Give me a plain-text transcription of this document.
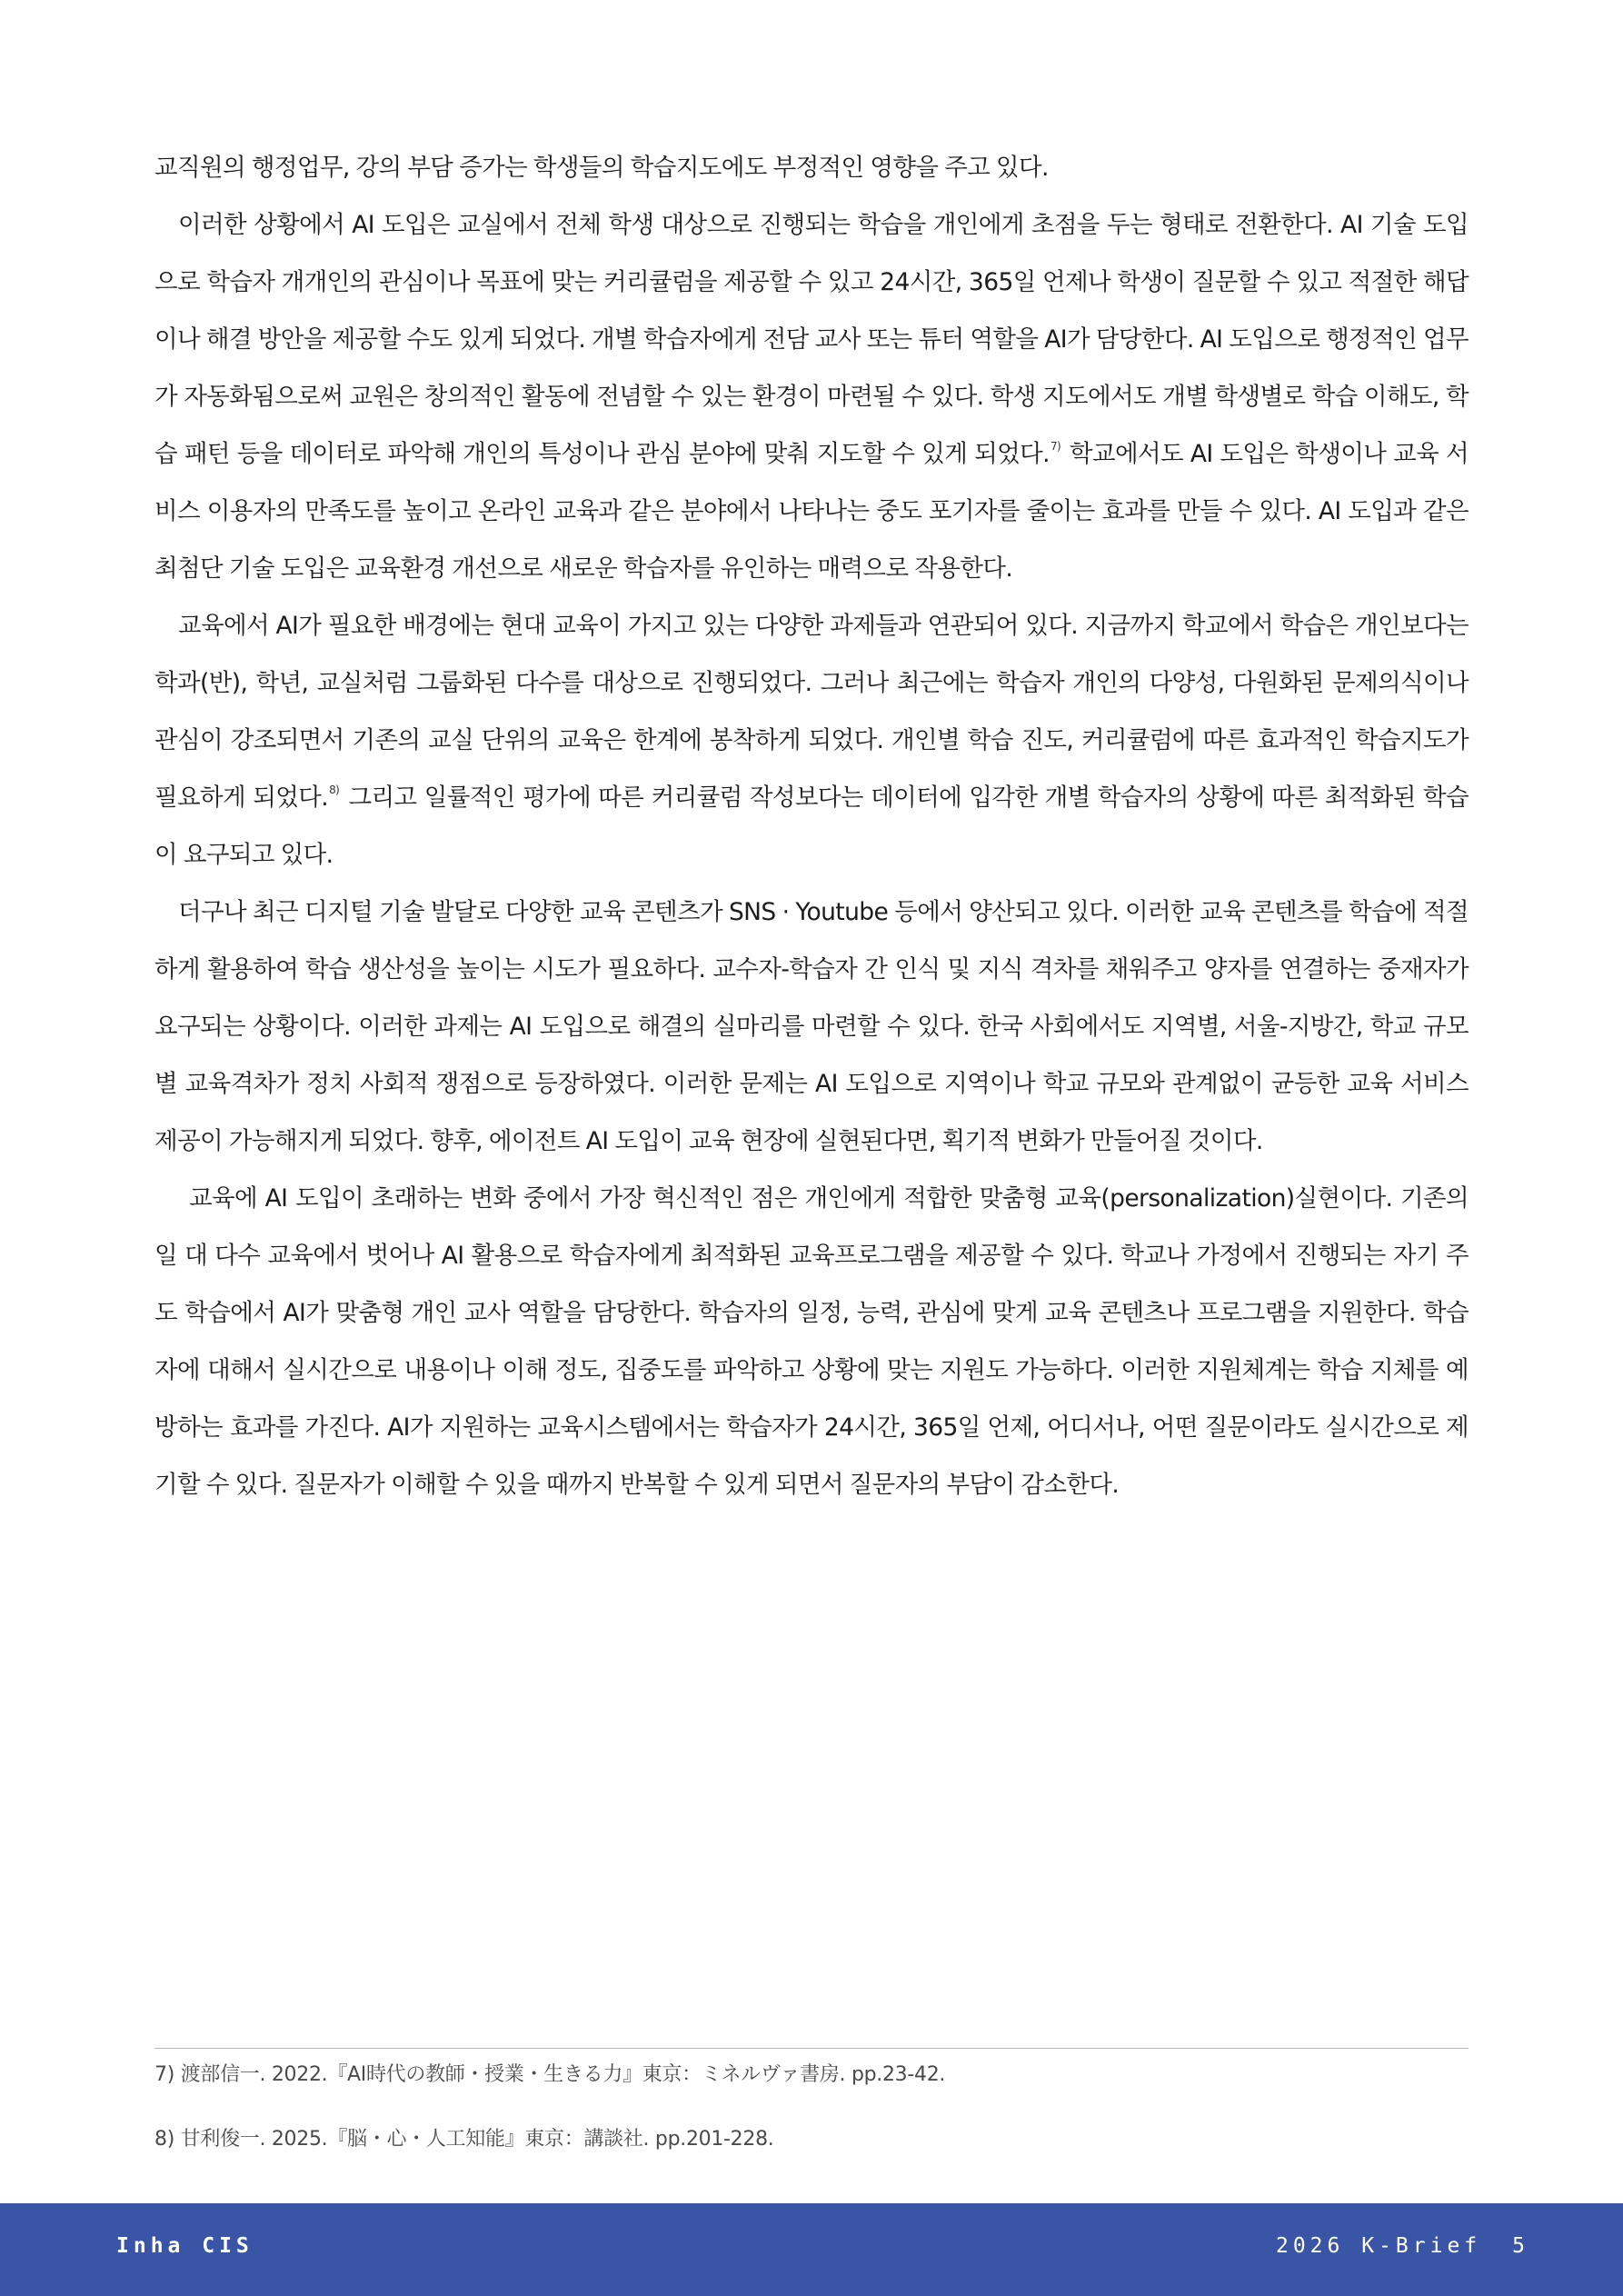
교직원의 행정업무, 강의 부담 증가는 학생들의 학습지도에도 부정적인 영향을 주고 있다.

이러한 상황에서 AI 도입은 교실에서 전체 학생 대상으로 진행되는 학습을 개인에게 초점을 두는 형태로 전환한다. AI 기술 도입으로 학습자 개개인의 관심이나 목표에 맞는 커리큘럼을 제공할 수 있고 24시간, 365일 언제나 학생이 질문할 수 있고 적절한 해답이나 해결 방안을 제공할 수도 있게 되었다. 개별 학습자에게 전담 교사 또는 튜터 역할을 AI가 담당한다. AI 도입으로 행정적인 업무가 자동화됨으로써 교원은 창의적인 활동에 전념할 수 있는 환경이 마련될 수 있다. 학생 지도에서도 개별 학생별로 학습 이해도, 학습 패턴 등을 데이터로 파악해 개인의 특성이나 관심 분야에 맞춰 지도할 수 있게 되었다.$^{7)}$ 학교에서도 AI 도입은 학생이나 교육 서비스 이용자의 만족도를 높이고 온라인 교육과 같은 분야에서 나타나는 중도 포기자를 줄이는 효과를 만들 수 있다. AI 도입과 같은 최첨단 기술 도입은 교육환경 개선으로 새로운 학습자를 유인하는 매력으로 작용한다.

교육에서 AI가 필요한 배경에는 현대 교육이 가지고 있는 다양한 과제들과 연관되어 있다. 지금까지 학교에서 학습은 개인보다는 학과(반), 학년, 교실처럼 그룹화된 다수를 대상으로 진행되었다. 그러나 최근에는 학습자 개인의 다양성, 다원화된 문제의식이나 관심이 강조되면서 기존의 교실 단위의 교육은 한계에 봉착하게 되었다. 개인별 학습 진도, 커리큘럼에 따른 효과적인 학습지도가 필요하게 되었다.$^{8)}$ 그리고 일률적인 평가에 따른 커리큘럼 작성보다는 데이터에 입각한 개별 학습자의 상황에 따른 최적화된 학습이 요구되고 있다.

더구나 최근 디지털 기술 발달로 다양한 교육 콘텐츠가 SNS · Youtube 등에서 양산되고 있다. 이러한 교육 콘텐츠를 학습에 적절하게 활용하여 학습 생산성을 높이는 시도가 필요하다. 교수자-학습자 간 인식 및 지식 격차를 채워주고 양자를 연결하는 중재자가 요구되는 상황이다. 이러한 과제는 AI 도입으로 해결의 실마리를 마련할 수 있다. 한국 사회에서도 지역별, 서울-지방간, 학교 규모별 교육격차가 정치 사회적 쟁점으로 등장하였다. 이러한 문제는 AI 도입으로 지역이나 학교 규모와 관계없이 균등한 교육 서비스 제공이 가능해지게 되었다. 향후, 에이전트 AI 도입이 교육 현장에 실현된다면, 획기적 변화가 만들어질 것이다.

교육에 AI 도입이 초래하는 변화 중에서 가장 혁신적인 점은 개인에게 적합한 맞춤형 교육(personalization)실현이다. 기존의 일 대 다수 교육에서 벗어나 AI 활용으로 학습자에게 최적화된 교육프로그램을 제공할 수 있다. 학교나 가정에서 진행되는 자기 주도 학습에서 AI가 맞춤형 개인 교사 역할을 담당한다. 학습자의 일정, 능력, 관심에 맞게 교육 콘텐츠나 프로그램을 지원한다. 학습자에 대해서 실시간으로 내용이나 이해 정도, 집중도를 파악하고 상황에 맞는 지원도 가능하다. 이러한 지원체계는 학습 지체를 예방하는 효과를 가진다. AI가 지원하는 교육시스템에서는 학습자가 24시간, 365일 언제, 어디서나, 어떤 질문이라도 실시간으로 제기할 수 있다. 질문자가 이해할 수 있을 때까지 반복할 수 있게 되면서 질문자의 부담이 감소한다.

7) 渡部信一. 2022.『AI時代の教師・授業・生きる力』東京：ミネルヴァ書房. pp.23-42.

8) 甘利俊一. 2025.『脳・心・人工知能』東京：講談社. pp.201-228.

Inha CIS	2026 K-Brief 5
